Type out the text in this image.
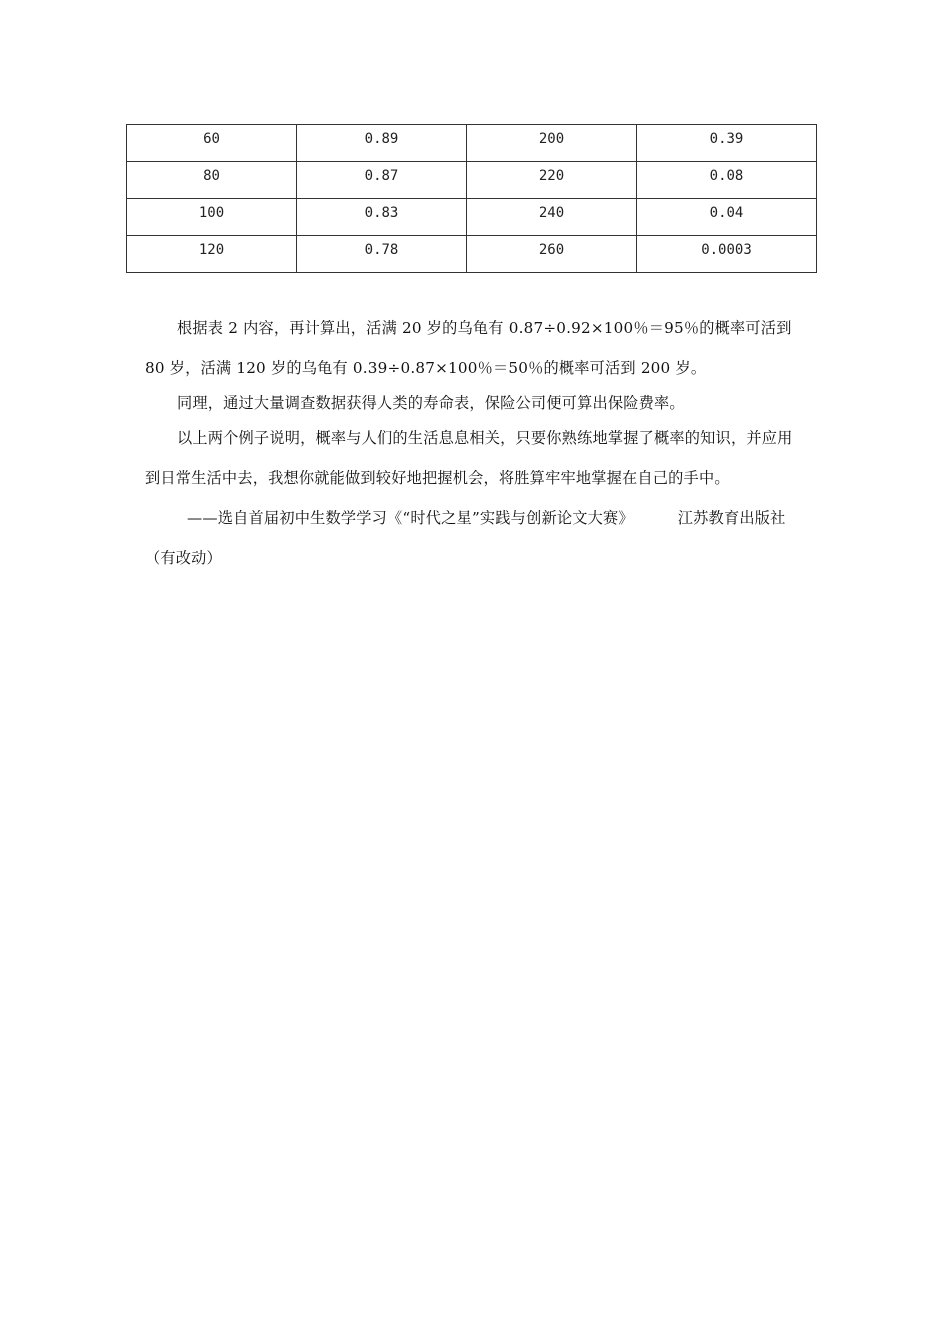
60	0.89	200	0.39
80	0.87	220	0.08
100	0.83	240	0.04
120	0.78	260	0.0003

根据表 2 内容，再计算出，活满 20 岁的乌龟有 0.87÷0.92×100％＝95％的概率可活到 80 岁，活满 120 岁的乌龟有 0.39÷0.87×100％＝50％的概率可活到 200 岁。

同理，通过大量调查数据获得人类的寿命表，保险公司便可算出保险费率。

以上两个例子说明，概率与人们的生活息息相关，只要你熟练地掌握了概率的知识，并应用到日常生活中去，我想你就能做到较好地把握机会，将胜算牢牢地掌握在自己的手中。

——选自首届初中生数学学习《“时代之星”实践与创新论文大赛》	江苏教育出版社（有改动）
